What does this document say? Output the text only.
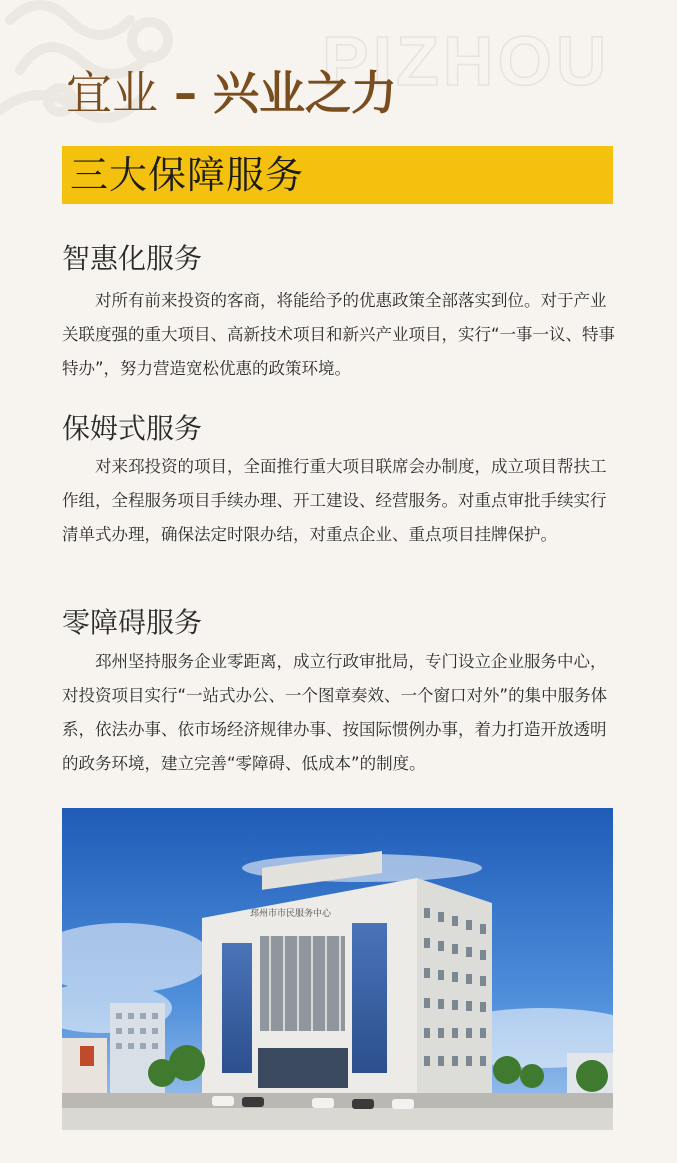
PIZHOU
宜业 – 兴业之力
三大保障服务
智惠化服务

对所有前来投资的客商，将能给予的优惠政策全部落实到位。对于产业关联度强的重大项目、高新技术项目和新兴产业项目，实行“一事一议、特事特办”，努力营造宽松优惠的政策环境。

保姆式服务

对来邳投资的项目，全面推行重大项目联席会办制度，成立项目帮扶工作组，全程服务项目手续办理、开工建设、经营服务。对重点审批手续实行清单式办理，确保法定时限办结，对重点企业、重点项目挂牌保护。

零障碍服务

邳州坚持服务企业零距离，成立行政审批局，专门设立企业服务中心，对投资项目实行“一站式办公、一个图章奏效、一个窗口对外”的集中服务体系，依法办事、依市场经济规律办事、按国际惯例办事，着力打造开放透明的政务环境，建立完善“零障碍、低成本”的制度。

邳州市市民服务中心
